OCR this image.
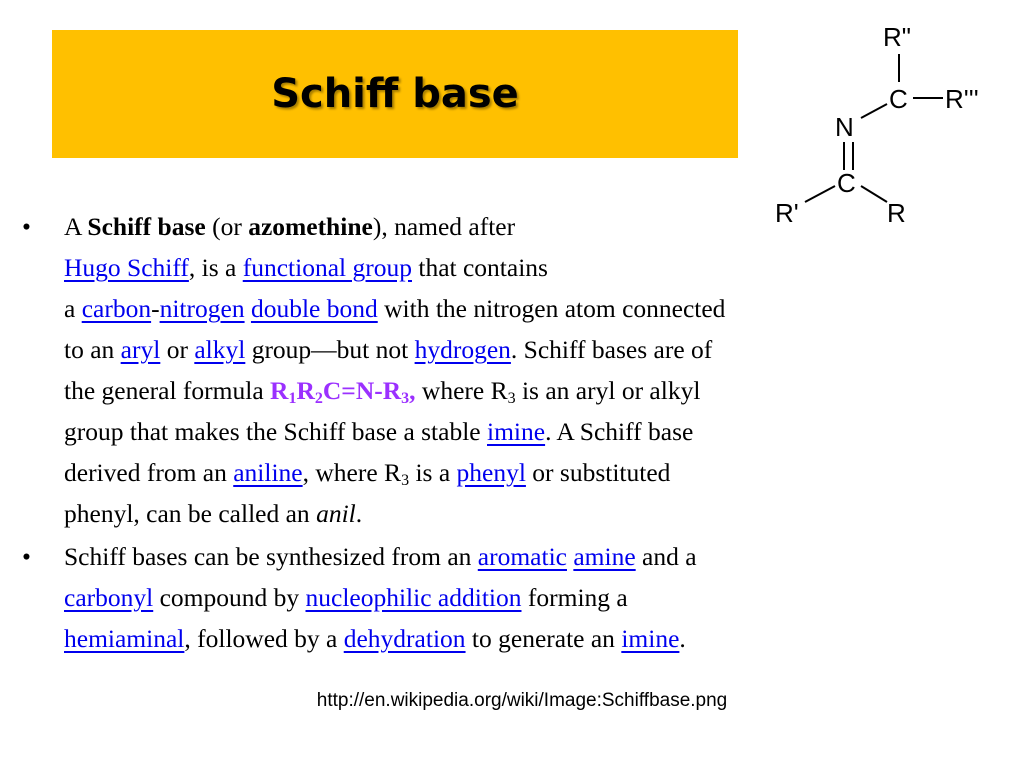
Schiff base
R"
C R'''
N
C
R'	R
•	A Schiff base (or azomethine), named after
Hugo Schiff, is a functional group that contains
a carbon-nitrogen double bond with the nitrogen atom connected
to an aryl or alkyl group—but not hydrogen. Schiff bases are of
the general formula $R_1R_2C=N-R_3$, where $R_3$ is an aryl or alkyl
group that makes the Schiff base a stable imine. A Schiff base
derived from an aniline, where $R_3$ is a phenyl or substituted
phenyl, can be called an anil.
•	Schiff bases can be synthesized from an aromatic amine and a
carbonyl compound by nucleophilic addition forming a
hemiaminal, followed by a dehydration to generate an imine.
http://en.wikipedia.org/wiki/Image:Schiffbase.png
